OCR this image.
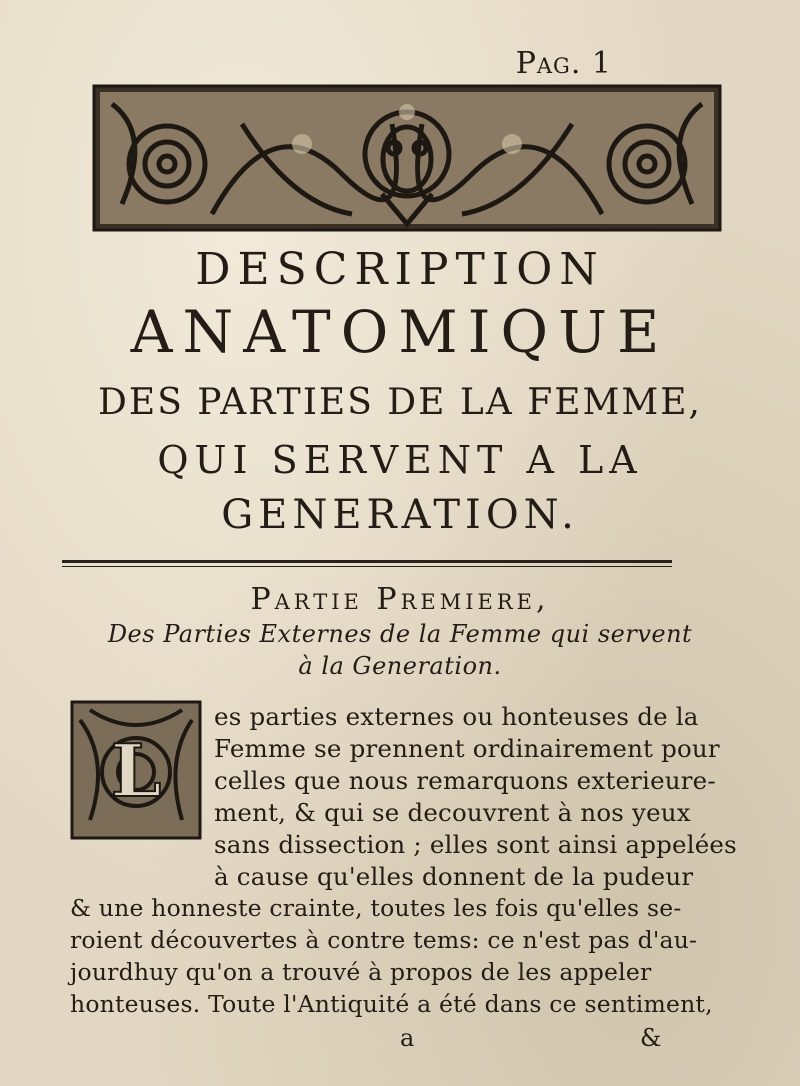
Pag. 1
DESCRIPTION
ANATOMIQUE
DES PARTIES DE LA FEMME,
QUI SERVENT A LA
GENERATION.
Partie Premiere,
Des Parties Externes de la Femme qui servent
à la Generation.
L
es parties externes ou honteuses de la
Femme se prennent ordinairement pour
celles que nous remarquons exterieure-
ment, & qui se decouvrent à nos yeux
sans dissection ; elles sont ainsi appelées
à cause qu'elles donnent de la pudeur
& une honneste crainte, toutes les fois qu'elles se-
roient découvertes à contre tems: ce n'est pas d'au-
jourdhuy qu'on a trouvé à propos de les appeler
honteuses. Toute l'Antiquité a été dans ce sentiment,
a	&
